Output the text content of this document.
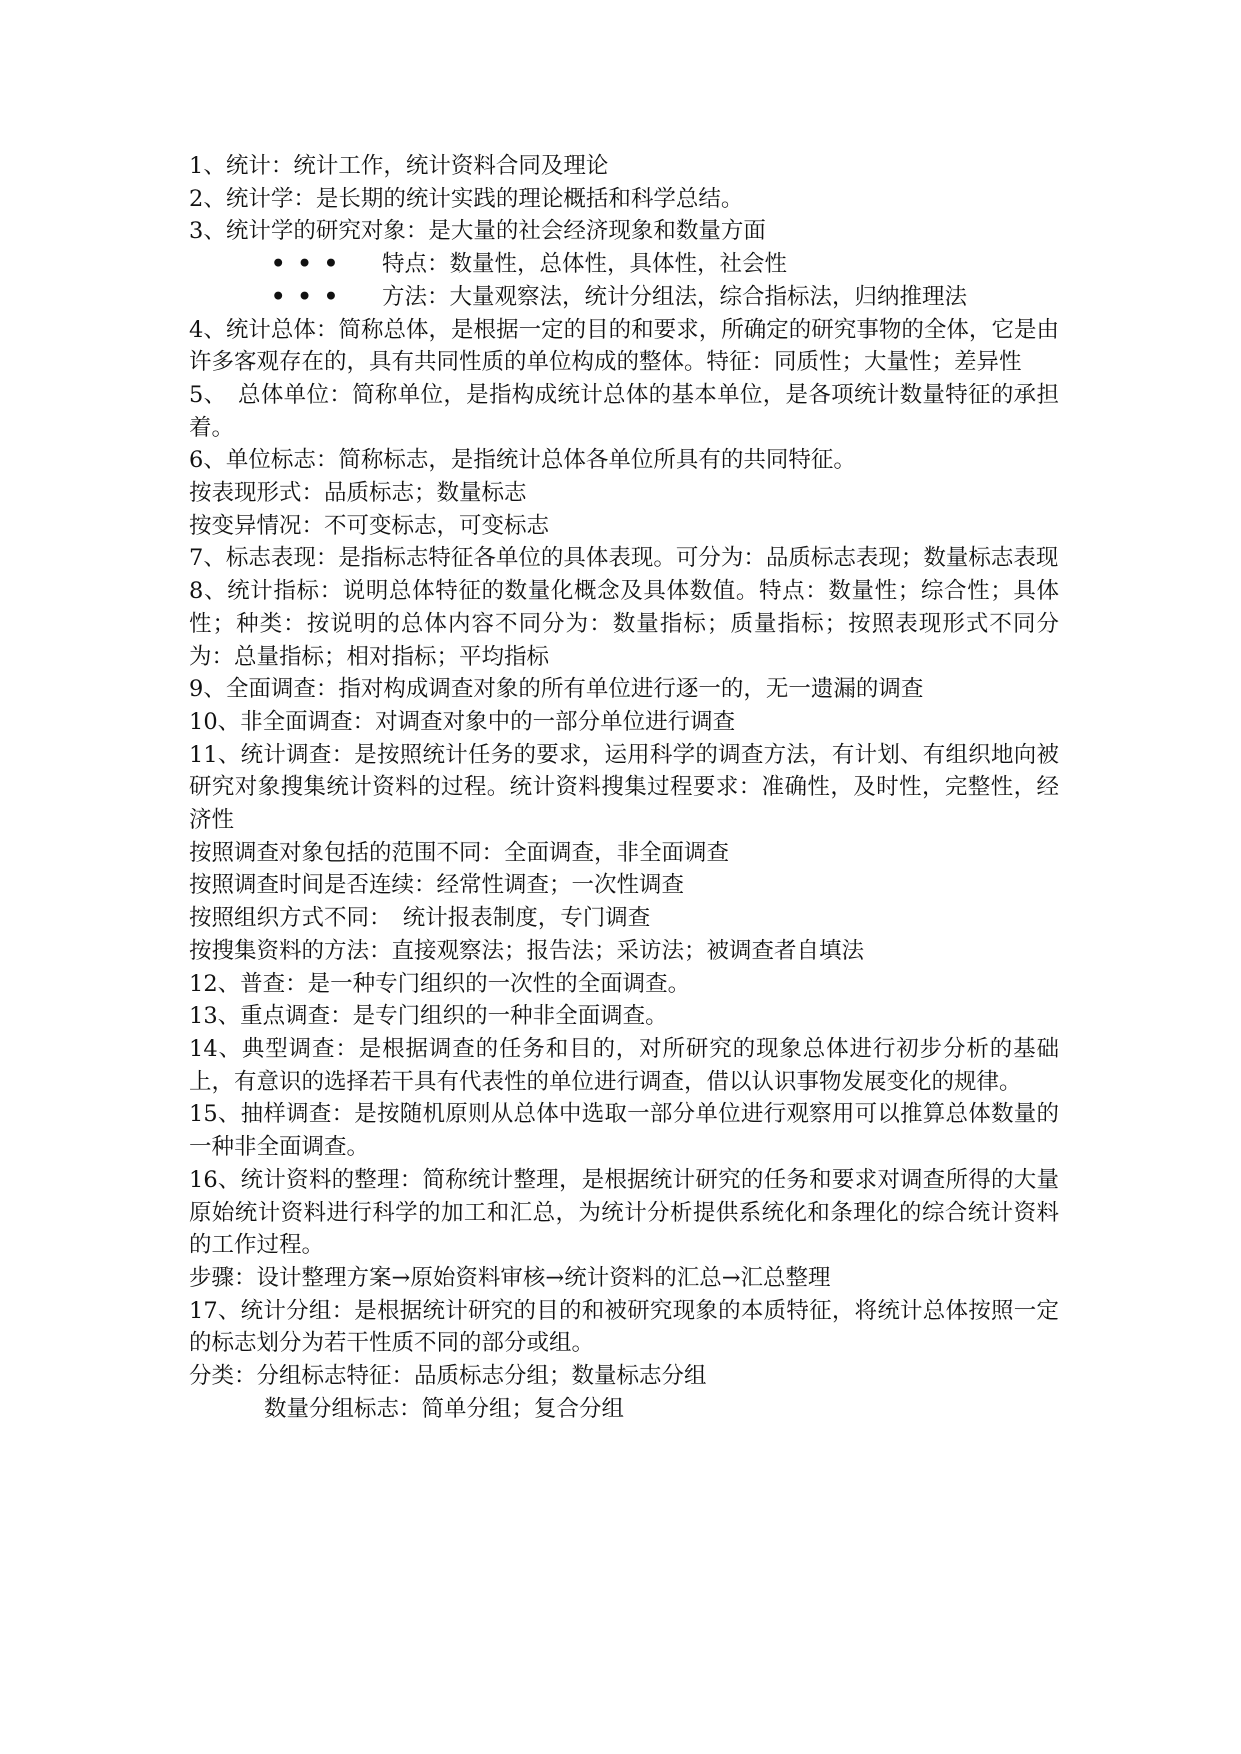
1、统计：统计工作，统计资料合同及理论

2、统计学：是长期的统计实践的理论概括和科学总结。

3、统计学的研究对象：是大量的社会经济现象和数量方面

•••	特点：数量性，总体性，具体性，社会性
•••	方法：大量观察法，统计分组法，综合指标法，归纳推理法

4、统计总体：简称总体，是根据一定的目的和要求，所确定的研究事物的全体，它是由许多客观存在的，具有共同性质的单位构成的整体。特征：同质性；大量性；差异性

5、　总体单位：简称单位，是指构成统计总体的基本单位，是各项统计数量特征的承担着。

6、单位标志：简称标志，是指统计总体各单位所具有的共同特征。

按表现形式：品质标志；数量标志

按变异情况：不可变标志，可变标志

7、标志表现：是指标志特征各单位的具体表现。可分为：品质标志表现；数量标志表现

8、统计指标：说明总体特征的数量化概念及具体数值。特点：数量性；综合性；具体性；种类：按说明的总体内容不同分为：数量指标；质量指标；按照表现形式不同分为：总量指标；相对指标；平均指标

9、全面调查：指对构成调查对象的所有单位进行逐一的，无一遗漏的调查

10、非全面调查：对调查对象中的一部分单位进行调查

11、统计调查：是按照统计任务的要求，运用科学的调查方法，有计划、有组织地向被研究对象搜集统计资料的过程。统计资料搜集过程要求：准确性，及时性，完整性，经济性

按照调查对象包括的范围不同：全面调查，非全面调查

按照调查时间是否连续：经常性调查；一次性调查

按照组织方式不同：　统计报表制度，专门调查

按搜集资料的方法：直接观察法；报告法；采访法；被调查者自填法

12、普查：是一种专门组织的一次性的全面调查。

13、重点调查：是专门组织的一种非全面调查。

14、典型调查：是根据调查的任务和目的，对所研究的现象总体进行初步分析的基础上，有意识的选择若干具有代表性的单位进行调查，借以认识事物发展变化的规律。

15、抽样调查：是按随机原则从总体中选取一部分单位进行观察用可以推算总体数量的一种非全面调查。

16、统计资料的整理：简称统计整理，是根据统计研究的任务和要求对调查所得的大量原始统计资料进行科学的加工和汇总，为统计分析提供系统化和条理化的综合统计资料的工作过程。

步骤：设计整理方案→原始资料审核→统计资料的汇总→汇总整理

17、统计分组：是根据统计研究的目的和被研究现象的本质特征，将统计总体按照一定的标志划分为若干性质不同的部分或组。

分类：分组标志特征：品质标志分组；数量标志分组

数量分组标志：简单分组；复合分组
